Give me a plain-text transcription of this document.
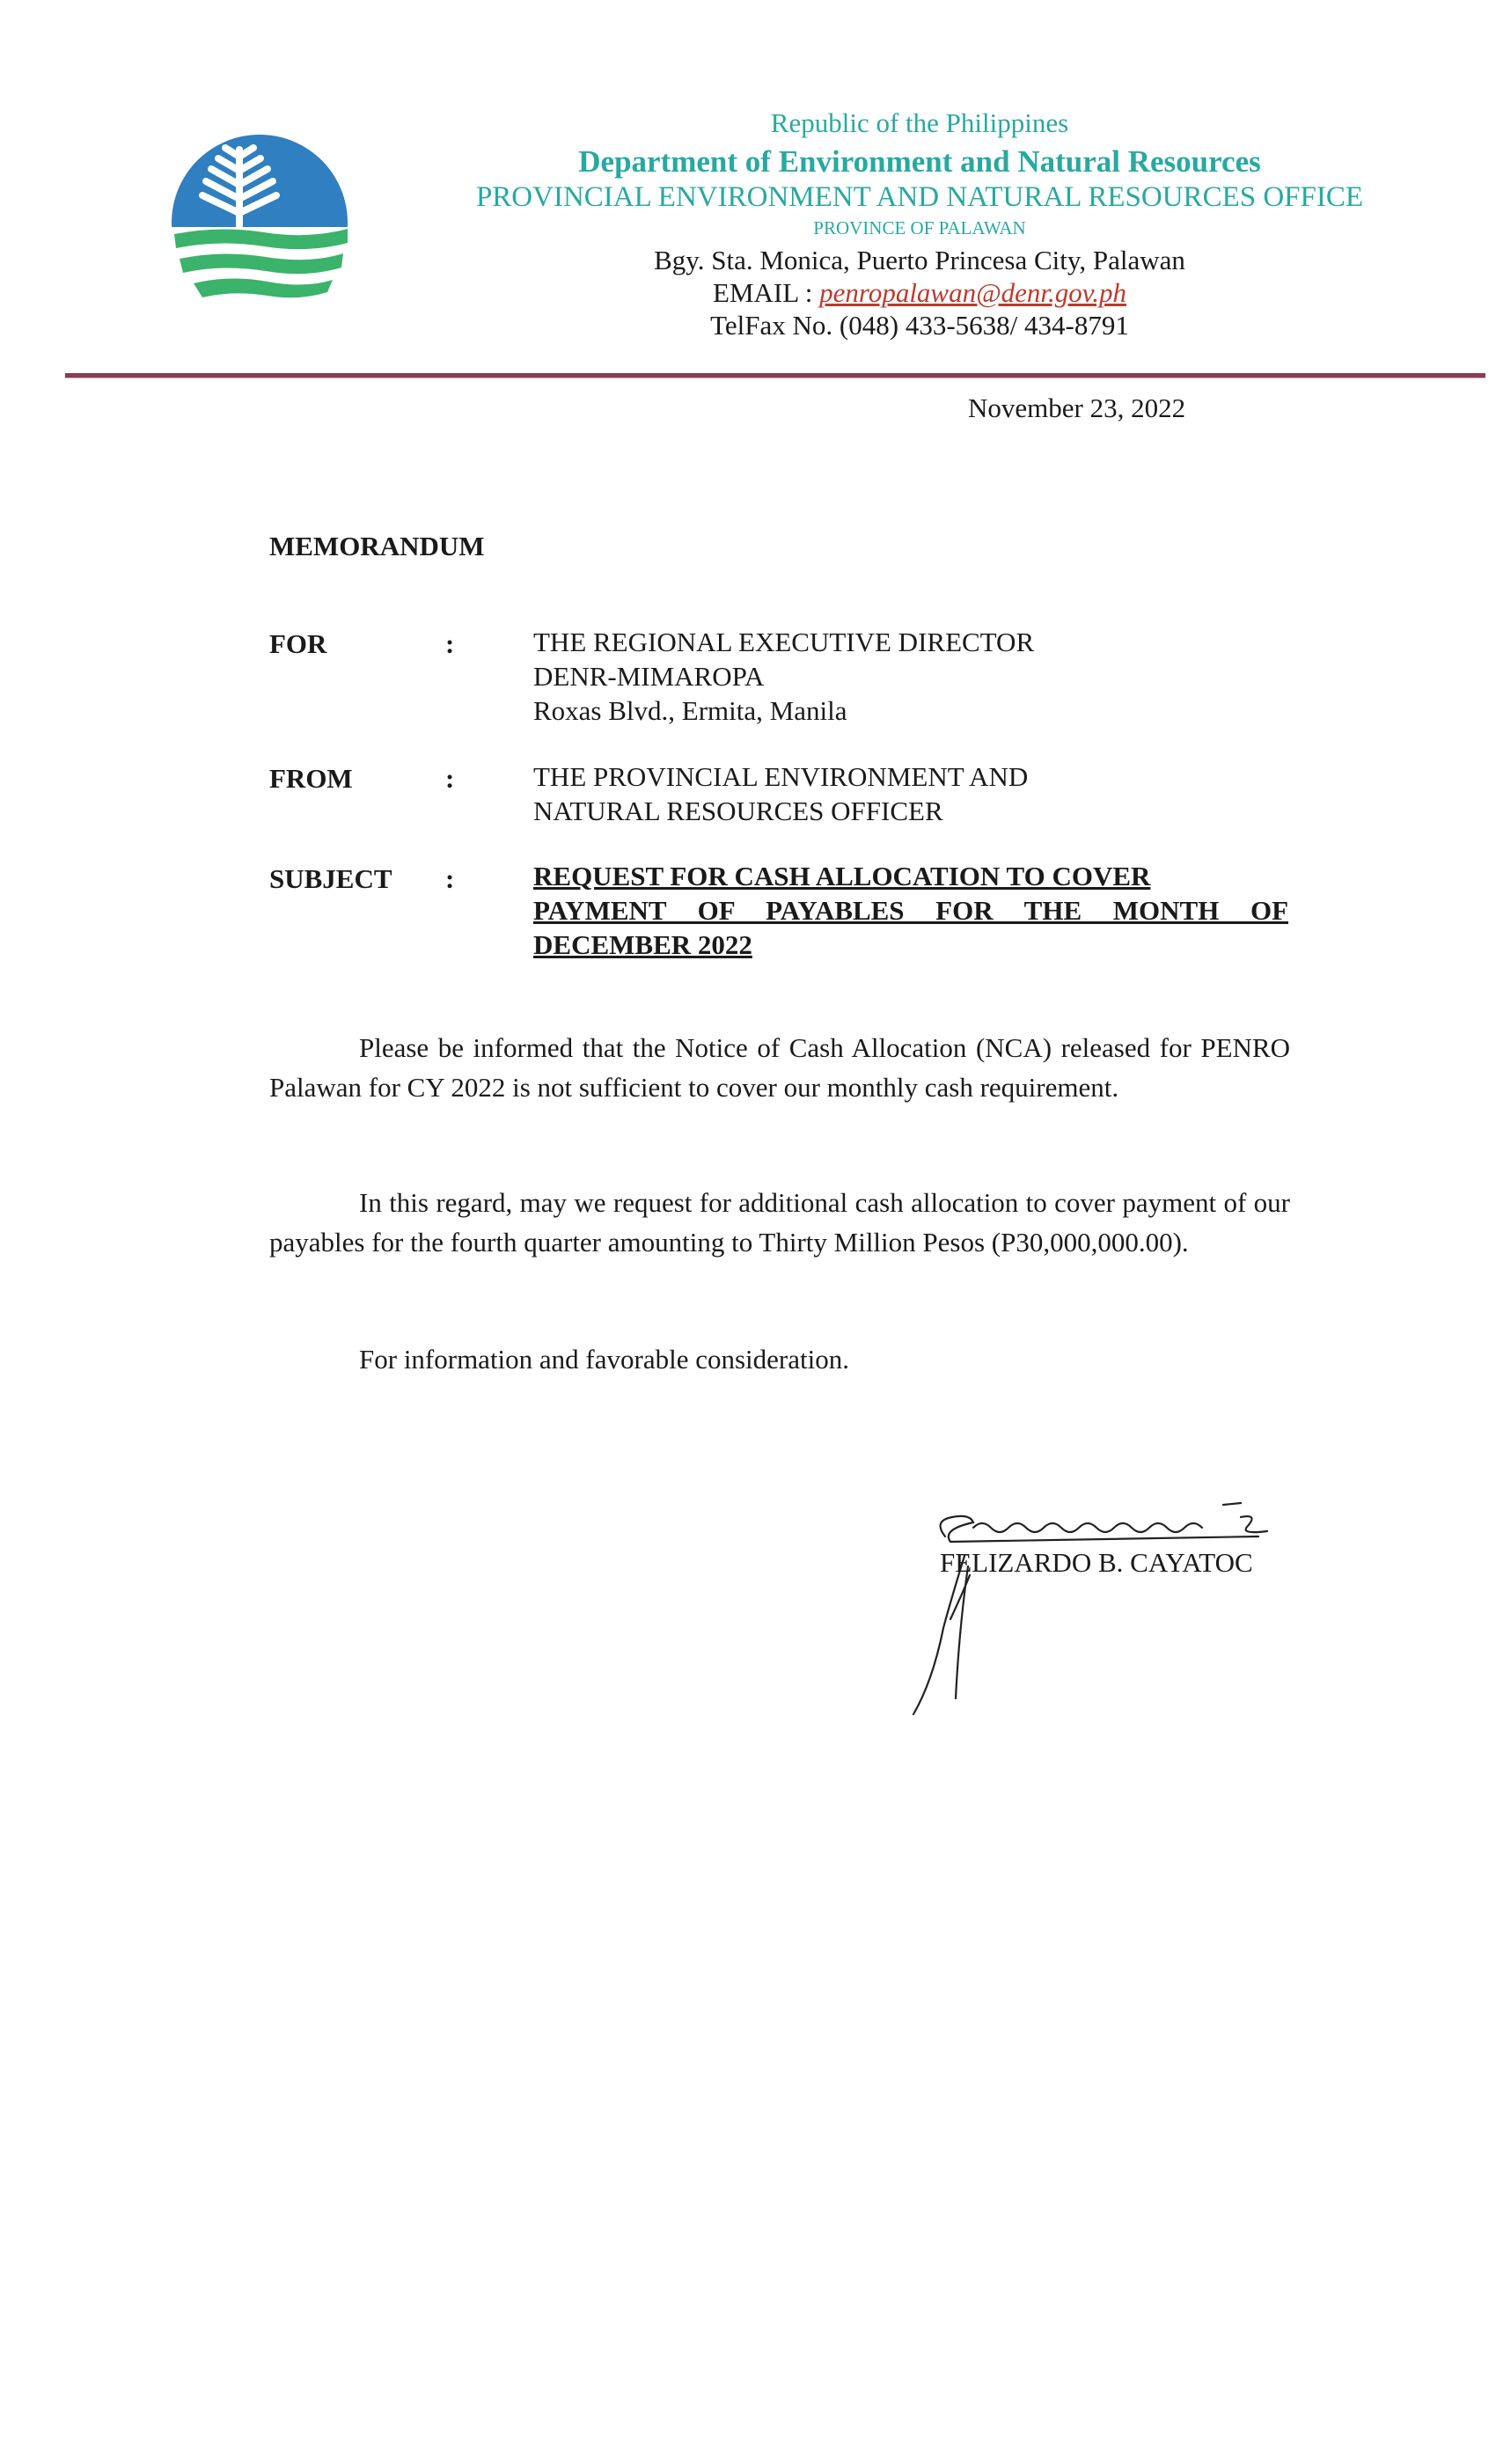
Republic of the Philippines
Department of Environment and Natural Resources
PROVINCIAL ENVIRONMENT AND NATURAL RESOURCES OFFICE
PROVINCE OF PALAWAN
Bgy. Sta. Monica, Puerto Princesa City, Palawan
EMAIL : penropalawan@denr.gov.ph
TelFax No. (048) 433-5638/ 434-8791
November 23, 2022
MEMORANDUM
FOR	:	THE REGIONAL EXECUTIVE DIRECTOR
DENR-MIMAROPA
Roxas Blvd., Ermita, Manila
FROM	:	THE PROVINCIAL ENVIRONMENT AND
NATURAL RESOURCES OFFICER
SUBJECT :	REQUEST FOR CASH ALLOCATION TO COVER
PAYMENT OF PAYABLES FOR THE MONTH OF
DECEMBER 2022
Please be informed that the Notice of Cash Allocation (NCA) released for PENRO Palawan for CY 2022 is not sufficient to cover our monthly cash requirement.
In this regard, may we request for additional cash allocation to cover payment of our payables for the fourth quarter amounting to Thirty Million Pesos (P30,000,000.00).
For information and favorable consideration.
FELIZARDO B. CAYATOC
